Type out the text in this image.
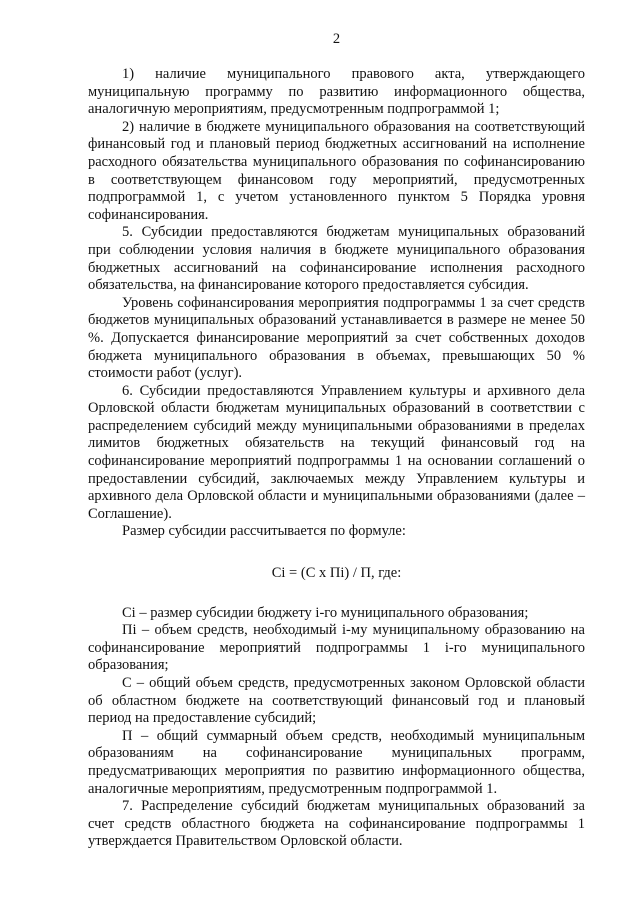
2

1) наличие муниципального правового акта, утверждающего муниципальную программу по развитию информационного общества, аналогичную мероприятиям, предусмотренным подпрограммой 1;

2) наличие в бюджете муниципального образования на соответствующий финансовый год и плановый период бюджетных ассигнований на исполнение расходного обязательства муниципального образования по софинансированию в соответствующем финансовом году мероприятий, предусмотренных подпрограммой 1, с учетом установленного пунктом 5 Порядка уровня софинансирования.

5. Субсидии предоставляются бюджетам муниципальных образований при соблюдении условия наличия в бюджете муниципального образования бюджетных ассигнований на софинансирование исполнения расходного обязательства, на финансирование которого предоставляется субсидия.

Уровень софинансирования мероприятия подпрограммы 1 за счет средств бюджетов муниципальных образований устанавливается в размере не менее 50 %. Допускается финансирование мероприятий за счет собственных доходов бюджета муниципального образования в объемах, превышающих 50 % стоимости работ (услуг).

6. Субсидии предоставляются Управлением культуры и архивного дела Орловской области бюджетам муниципальных образований в соответствии с распределением субсидий между муниципальными образованиями в пределах лимитов бюджетных обязательств на текущий финансовый год на софинансирование мероприятий подпрограммы 1 на основании соглашений о предоставлении субсидий, заключаемых между Управлением культуры и архивного дела Орловской области и муниципальными образованиями (далее – Соглашение).

Размер субсидии рассчитывается по формуле:

Ci = (C x Пi) / П, где:

Ci – размер субсидии бюджету i-го муниципального образования;

Пi – объем средств, необходимый i-му муниципальному образованию на софинансирование мероприятий подпрограммы 1 i-го муниципального образования;

С – общий объем средств, предусмотренных законом Орловской области об областном бюджете на соответствующий финансовый год и плановый период на предоставление субсидий;

П – общий суммарный объем средств, необходимый муниципальным образованиям на софинансирование муниципальных программ, предусматривающих мероприятия по развитию информационного общества, аналогичные мероприятиям, предусмотренным подпрограммой 1.

7. Распределение субсидий бюджетам муниципальных образований за счет средств областного бюджета на софинансирование подпрограммы 1 утверждается Правительством Орловской области.
